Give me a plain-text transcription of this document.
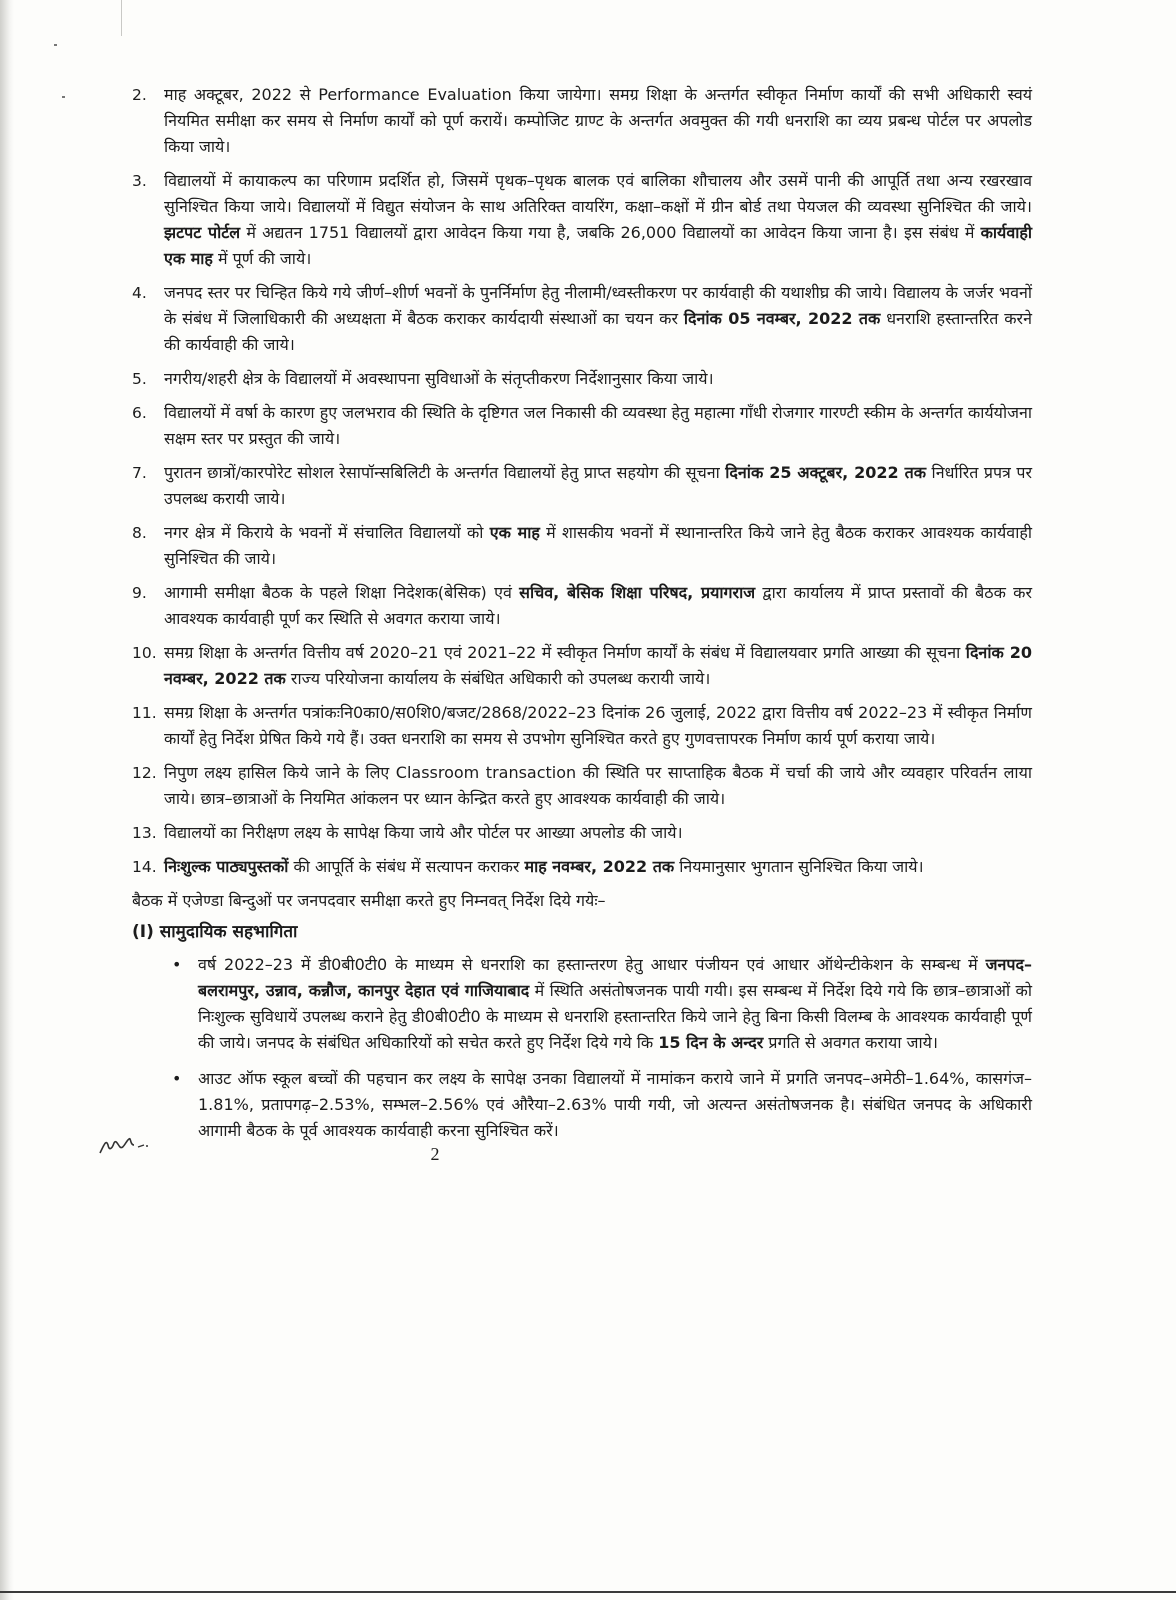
2. माह अक्टूबर, 2022 से Performance Evaluation किया जायेगा। समग्र शिक्षा के अन्तर्गत स्वीकृत निर्माण कार्यों की सभी अधिकारी स्वयं नियमित समीक्षा कर समय से निर्माण कार्यों को पूर्ण करायें। कम्पोजिट ग्राण्ट के अन्तर्गत अवमुक्त की गयी धनराशि का व्यय प्रबन्ध पोर्टल पर अपलोड किया जाये।
3. विद्यालयों में कायाकल्प का परिणाम प्रदर्शित हो, जिसमें पृथक–पृथक बालक एवं बालिका शौचालय और उसमें पानी की आपूर्ति तथा अन्य रखरखाव सुनिश्चित किया जाये। विद्यालयों में विद्युत संयोजन के साथ अतिरिक्त वायरिंग, कक्षा–कक्षों में ग्रीन बोर्ड तथा पेयजल की व्यवस्था सुनिश्चित की जाये। झटपट पोर्टल में अद्यतन 1751 विद्यालयों द्वारा आवेदन किया गया है, जबकि 26,000 विद्यालयों का आवेदन किया जाना है। इस संबंध में कार्यवाही एक माह में पूर्ण की जाये।
4. जनपद स्तर पर चिन्हित किये गये जीर्ण–शीर्ण भवनों के पुनर्निर्माण हेतु नीलामी/ध्वस्तीकरण पर कार्यवाही की यथाशीघ्र की जाये। विद्यालय के जर्जर भवनों के संबंध में जिलाधिकारी की अध्यक्षता में बैठक कराकर कार्यदायी संस्थाओं का चयन कर दिनांक 05 नवम्बर, 2022 तक धनराशि हस्तान्तरित करने की कार्यवाही की जाये।
5. नगरीय/शहरी क्षेत्र के विद्यालयों में अवस्थापना सुविधाओं के संतृप्तीकरण निर्देशानुसार किया जाये।
6. विद्यालयों में वर्षा के कारण हुए जलभराव की स्थिति के दृष्टिगत जल निकासी की व्यवस्था हेतु महात्मा गाँधी रोजगार गारण्टी स्कीम के अन्तर्गत कार्ययोजना सक्षम स्तर पर प्रस्तुत की जाये।
7. पुरातन छात्रों/कारपोरेट सोशल रेसापॉन्सबिलिटी के अन्तर्गत विद्यालयों हेतु प्राप्त सहयोग की सूचना दिनांक 25 अक्टूबर, 2022 तक निर्धारित प्रपत्र पर उपलब्ध करायी जाये।
8. नगर क्षेत्र में किराये के भवनों में संचालित विद्यालयों को एक माह में शासकीय भवनों में स्थानान्तरित किये जाने हेतु बैठक कराकर आवश्यक कार्यवाही सुनिश्चित की जाये।
9. आगामी समीक्षा बैठक के पहले शिक्षा निदेशक(बेसिक) एवं सचिव, बेसिक शिक्षा परिषद, प्रयागराज द्वारा कार्यालय में प्राप्त प्रस्तावों की बैठक कर आवश्यक कार्यवाही पूर्ण कर स्थिति से अवगत कराया जाये।
10. समग्र शिक्षा के अन्तर्गत वित्तीय वर्ष 2020–21 एवं 2021–22 में स्वीकृत निर्माण कार्यों के संबंध में विद्यालयवार प्रगति आख्या की सूचना दिनांक 20 नवम्बर, 2022 तक राज्य परियोजना कार्यालय के संबंधित अधिकारी को उपलब्ध करायी जाये।
11. समग्र शिक्षा के अन्तर्गत पत्रांकःनि0का0/स0शि0/बजट/2868/2022–23 दिनांक 26 जुलाई, 2022 द्वारा वित्तीय वर्ष 2022–23 में स्वीकृत निर्माण कार्यों हेतु निर्देश प्रेषित किये गये हैं। उक्त धनराशि का समय से उपभोग सुनिश्चित करते हुए गुणवत्तापरक निर्माण कार्य पूर्ण कराया जाये।
12. निपुण लक्ष्य हासिल किये जाने के लिए Classroom transaction की स्थिति पर साप्ताहिक बैठक में चर्चा की जाये और व्यवहार परिवर्तन लाया जाये। छात्र–छात्राओं के नियमित आंकलन पर ध्यान केन्द्रित करते हुए आवश्यक कार्यवाही की जाये।
13. विद्यालयों का निरीक्षण लक्ष्य के सापेक्ष किया जाये और पोर्टल पर आख्या अपलोड की जाये।
14. निःशुल्क पाठ्यपुस्तकों की आपूर्ति के संबंध में सत्यापन कराकर माह नवम्बर, 2022 तक नियमानुसार भुगतान सुनिश्चित किया जाये।
बैठक में एजेण्डा बिन्दुओं पर जनपदवार समीक्षा करते हुए निम्नवत् निर्देश दिये गयेः–
(I) सामुदायिक सहभागिता
• वर्ष 2022–23 में डी0बी0टी0 के माध्यम से धनराशि का हस्तान्तरण हेतु आधार पंजीयन एवं आधार ऑथेन्टीकेशन के सम्बन्ध में जनपद– बलरामपुर, उन्नाव, कन्नौज, कानपुर देहात एवं गाजियाबाद में स्थिति असंतोषजनक पायी गयी। इस सम्बन्ध में निर्देश दिये गये कि छात्र–छात्राओं को निःशुल्क सुविधायें उपलब्ध कराने हेतु डी0बी0टी0 के माध्यम से धनराशि हस्तान्तरित किये जाने हेतु बिना किसी विलम्ब के आवश्यक कार्यवाही पूर्ण की जाये। जनपद के संबंधित अधिकारियों को सचेत करते हुए निर्देश दिये गये कि 15 दिन के अन्दर प्रगति से अवगत कराया जाये।
• आउट ऑफ स्कूल बच्चों की पहचान कर लक्ष्य के सापेक्ष उनका विद्यालयों में नामांकन कराये जाने में प्रगति जनपद–अमेठी–1.64%, कासगंज–1.81%, प्रतापगढ़–2.53%, सम्भल–2.56% एवं औरैया–2.63% पायी गयी, जो अत्यन्त असंतोषजनक है। संबंधित जनपद के अधिकारी आगामी बैठक के पूर्व आवश्यक कार्यवाही करना सुनिश्चित करें।
2
